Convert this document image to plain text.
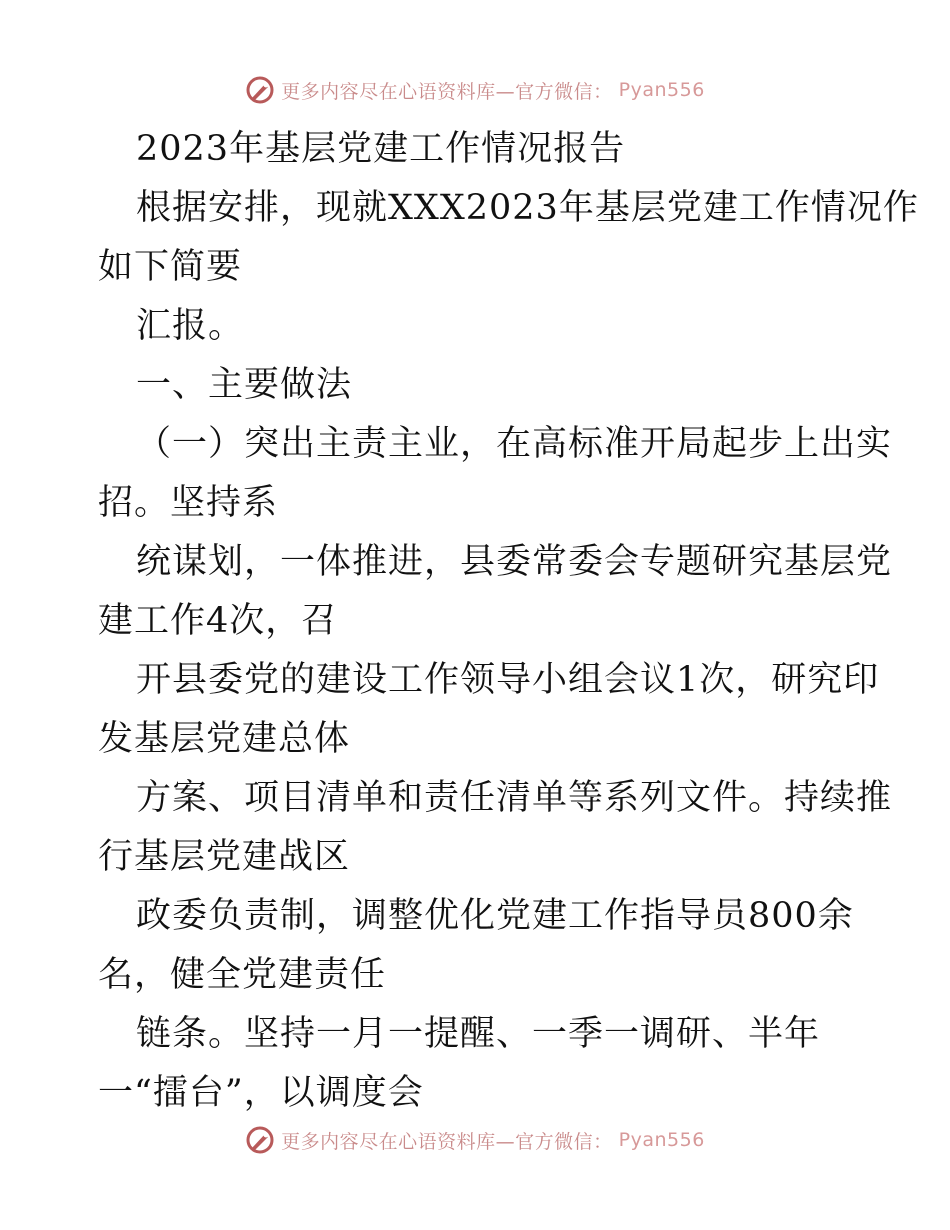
更多内容尽在心语资料库—官方微信： Pyan556
2023年基层党建工作情况报告
根据安排，现就XXX2023年基层党建工作情况作
如下简要
汇报。
一、主要做法
（一）突出主责主业，在高标准开局起步上出实
招。坚持系
统谋划，一体推进，县委常委会专题研究基层党
建工作4次，召
开县委党的建设工作领导小组会议1次，研究印
发基层党建总体
方案、项目清单和责任清单等系列文件。持续推
行基层党建战区
政委负责制，调整优化党建工作指导员800余
名，健全党建责任
链条。坚持一月一提醒、一季一调研、半年
一“擂台”，以调度会
更多内容尽在心语资料库—官方微信： Pyan556
